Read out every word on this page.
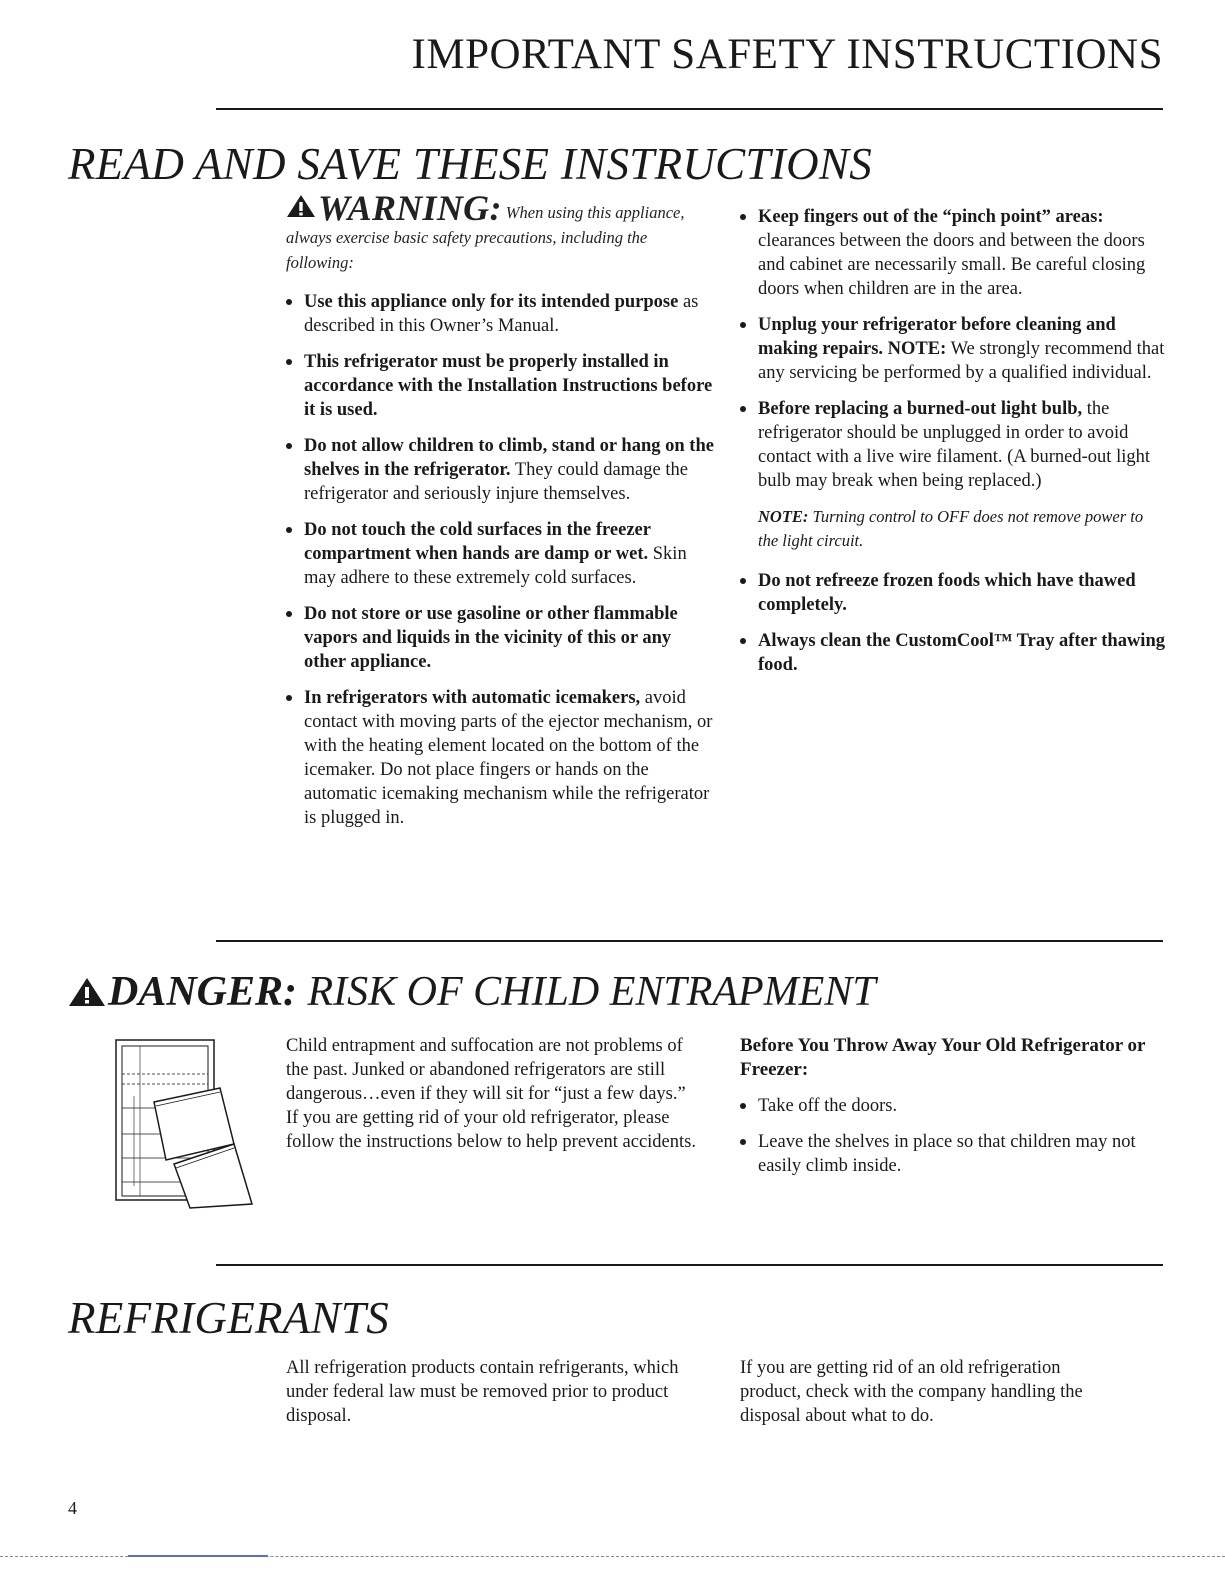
IMPORTANT SAFETY INSTRUCTIONS
READ AND SAVE THESE INSTRUCTIONS
WARNING: When using this appliance, always exercise basic safety precautions, including the following:
Use this appliance only for its intended purpose as described in this Owner’s Manual.
This refrigerator must be properly installed in accordance with the Installation Instructions before it is used.
Do not allow children to climb, stand or hang on the shelves in the refrigerator. They could damage the refrigerator and seriously injure themselves.
Do not touch the cold surfaces in the freezer compartment when hands are damp or wet. Skin may adhere to these extremely cold surfaces.
Do not store or use gasoline or other flammable vapors and liquids in the vicinity of this or any other appliance.
In refrigerators with automatic icemakers, avoid contact with moving parts of the ejector mechanism, or with the heating element located on the bottom of the icemaker. Do not place fingers or hands on the automatic icemaking mechanism while the refrigerator is plugged in.
Keep fingers out of the “pinch point” areas: clearances between the doors and between the doors and cabinet are necessarily small. Be careful closing doors when children are in the area.
Unplug your refrigerator before cleaning and making repairs. NOTE: We strongly recommend that any servicing be performed by a qualified individual.
Before replacing a burned-out light bulb, the refrigerator should be unplugged in order to avoid contact with a live wire filament. (A burned-out light bulb may break when being replaced.)
NOTE: Turning control to OFF does not remove power to the light circuit.
Do not refreeze frozen foods which have thawed completely.
Always clean the CustomCool™ Tray after thawing food.
DANGER: RISK OF CHILD ENTRAPMENT
Child entrapment and suffocation are not problems of the past. Junked or abandoned refrigerators are still dangerous…even if they will sit for “just a few days.” If you are getting rid of your old refrigerator, please follow the instructions below to help prevent accidents.
Before You Throw Away Your Old Refrigerator or Freezer:
Take off the doors.
Leave the shelves in place so that children may not easily climb inside.
REFRIGERANTS
All refrigeration products contain refrigerants, which under federal law must be removed prior to product disposal.
If you are getting rid of an old refrigeration product, check with the company handling the disposal about what to do.
4
